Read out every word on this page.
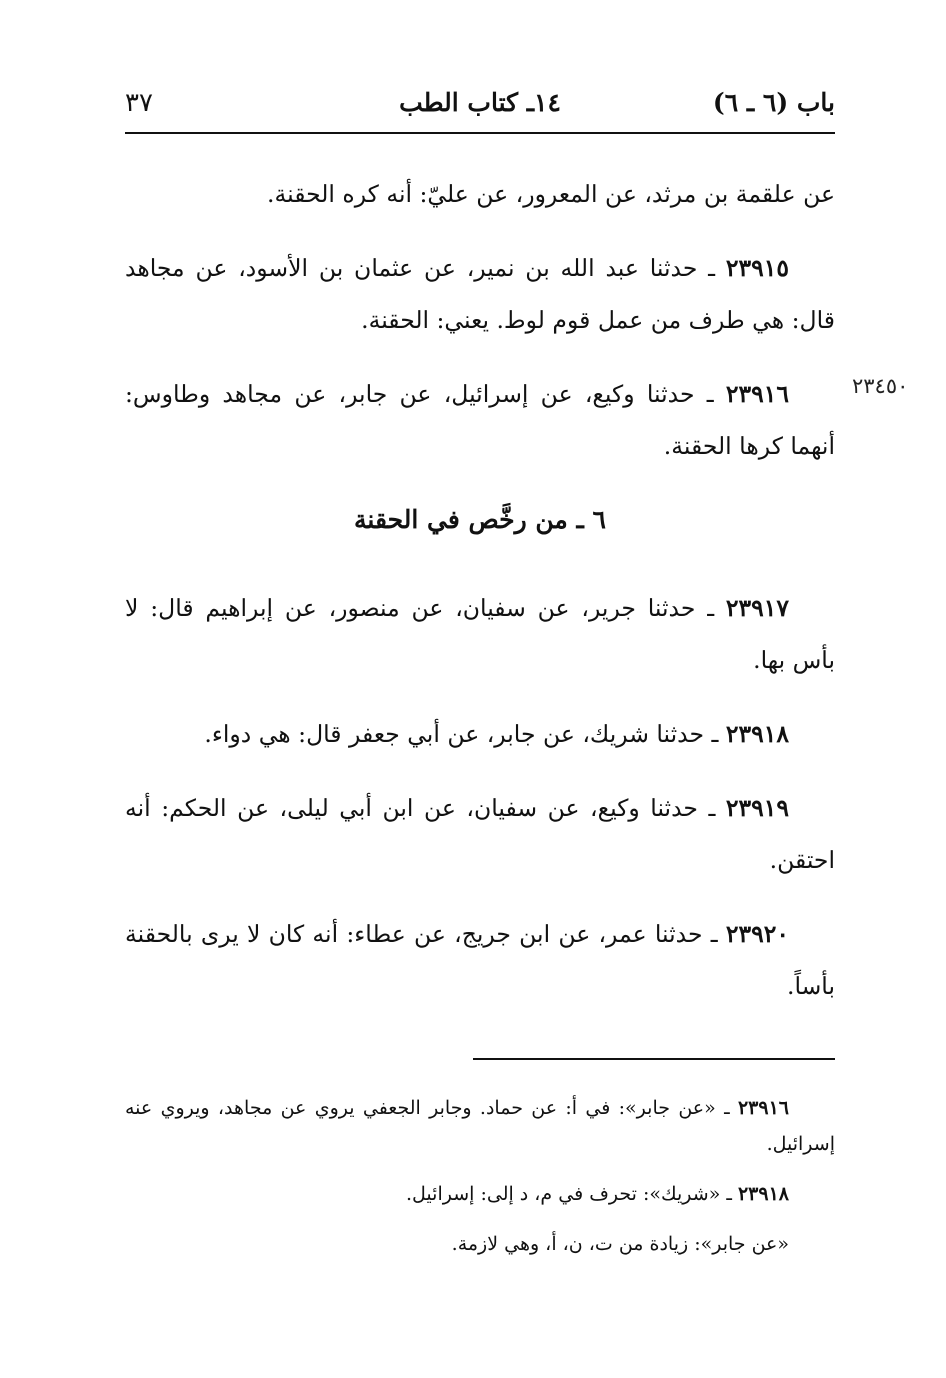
باب (٦ ـ ٦)
١٤ـ كتاب الطب
٣٧
٢٣٤٥٠

عن علقمة بن مرثد، عن المعرور، عن عليّ: أنه كره الحقنة.

٢٣٩١٥ ـ حدثنا عبد الله بن نمير، عن عثمان بن الأسود، عن مجاهد قال: هي طرف من عمل قوم لوط. يعني: الحقنة.

٢٣٩١٦ ـ حدثنا وكيع، عن إسرائيل، عن جابر، عن مجاهد وطاوس: أنهما كرها الحقنة.

٦ ـ من رخَّص في الحقنة

٢٣٩١٧ ـ حدثنا جرير، عن سفيان، عن منصور، عن إبراهيم قال: لا بأس بها.

٢٣٩١٨ ـ حدثنا شريك، عن جابر، عن أبي جعفر قال: هي دواء.

٢٣٩١٩ ـ حدثنا وكيع، عن سفيان، عن ابن أبي ليلى، عن الحكم: أنه احتقن.

٢٣٩٢٠ ـ حدثنا عمر، عن ابن جريج، عن عطاء: أنه كان لا يرى بالحقنة بأساً.

٢٣٩١٦ ـ «عن جابر»: في أ: عن حماد. وجابر الجعفي يروي عن مجاهد، ويروي عنه إسرائيل.

٢٣٩١٨ ـ «شريك»: تحرف في م، د إلى: إسرائيل.

«عن جابر»: زيادة من ت، ن، أ، وهي لازمة.
